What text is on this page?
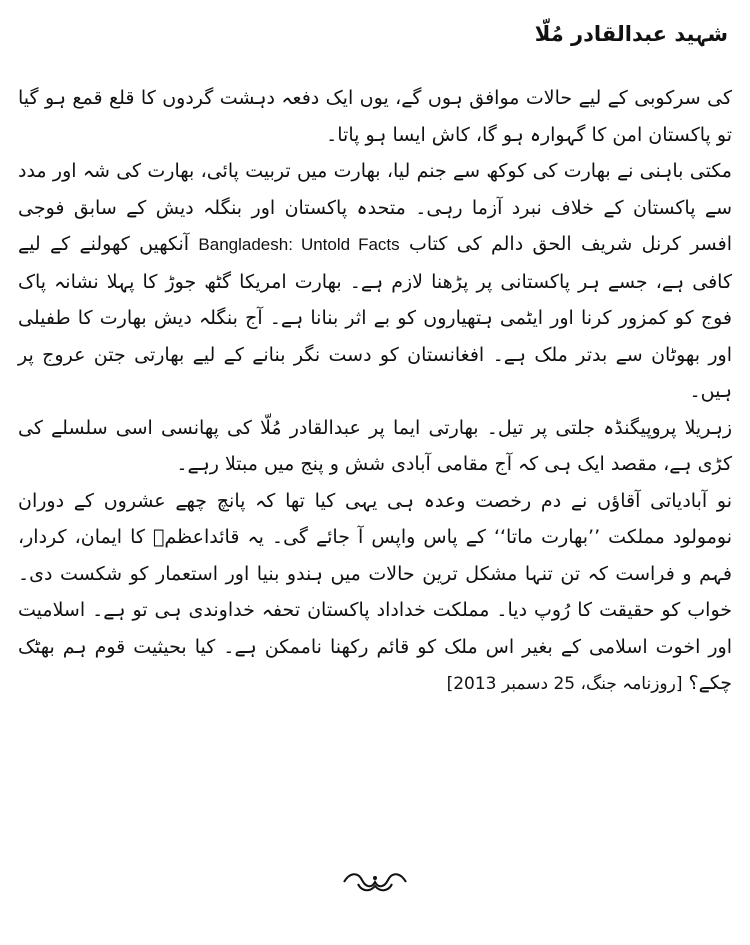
شہید عبدالقادر مُلّا

کی سرکوبی کے لیے حالات موافق ہوں گے، یوں ایک دفعہ دہشت گردوں کا قلع قمع ہو گیا تو پاکستان امن کا گہوارہ ہو گا، کاش ایسا ہو پاتا۔

مکتی باہنی نے بھارت کی کوکھ سے جنم لیا، بھارت میں تربیت پائی، بھارت کی شہ اور مدد سے پاکستان کے خلاف نبرد آزما رہی۔ متحدہ پاکستان اور بنگلہ دیش کے سابق فوجی افسر کرنل شریف الحق دالم کی کتاب Bangladesh: Untold Facts آنکھیں کھولنے کے لیے کافی ہے، جسے ہر پاکستانی پر پڑھنا لازم ہے۔ بھارت امریکا گٹھ جوڑ کا پہلا نشانہ پاک فوج کو کمزور کرنا اور ایٹمی ہتھیاروں کو بے اثر بنانا ہے۔ آج بنگلہ دیش بھارت کا طفیلی اور بھوٹان سے بدتر ملک ہے۔ افغانستان کو دست نگر بنانے کے لیے بھارتی جتن عروج پر ہیں۔

زہریلا پروپیگنڈہ جلتی پر تیل۔ بھارتی ایما پر عبدالقادر مُلّا کی پھانسی اسی سلسلے کی کڑی ہے، مقصد ایک ہی کہ آج مقامی آبادی شش و پنج میں مبتلا رہے۔

نو آبادیاتی آقاؤں نے دم رخصت وعدہ ہی یہی کیا تھا کہ پانچ چھے عشروں کے دوران نومولود مملکت ’’بھارت ماتا‘‘ کے پاس واپس آ جائے گی۔ یہ قائداعظمؒ کا ایمان، کردار، فہم و فراست کہ تن تنہا مشکل ترین حالات میں ہندو بنیا اور استعمار کو شکست دی۔ خواب کو حقیقت کا رُوپ دیا۔ مملکت خداداد پاکستان تحفہ خداوندی ہی تو ہے۔ اسلامیت اور اخوت اسلامی کے بغیر اس ملک کو قائم رکھنا ناممکن ہے۔ کیا بحیثیت قوم ہم بھٹک چکے؟ [روزنامہ جنگ، 25 دسمبر 2013]
